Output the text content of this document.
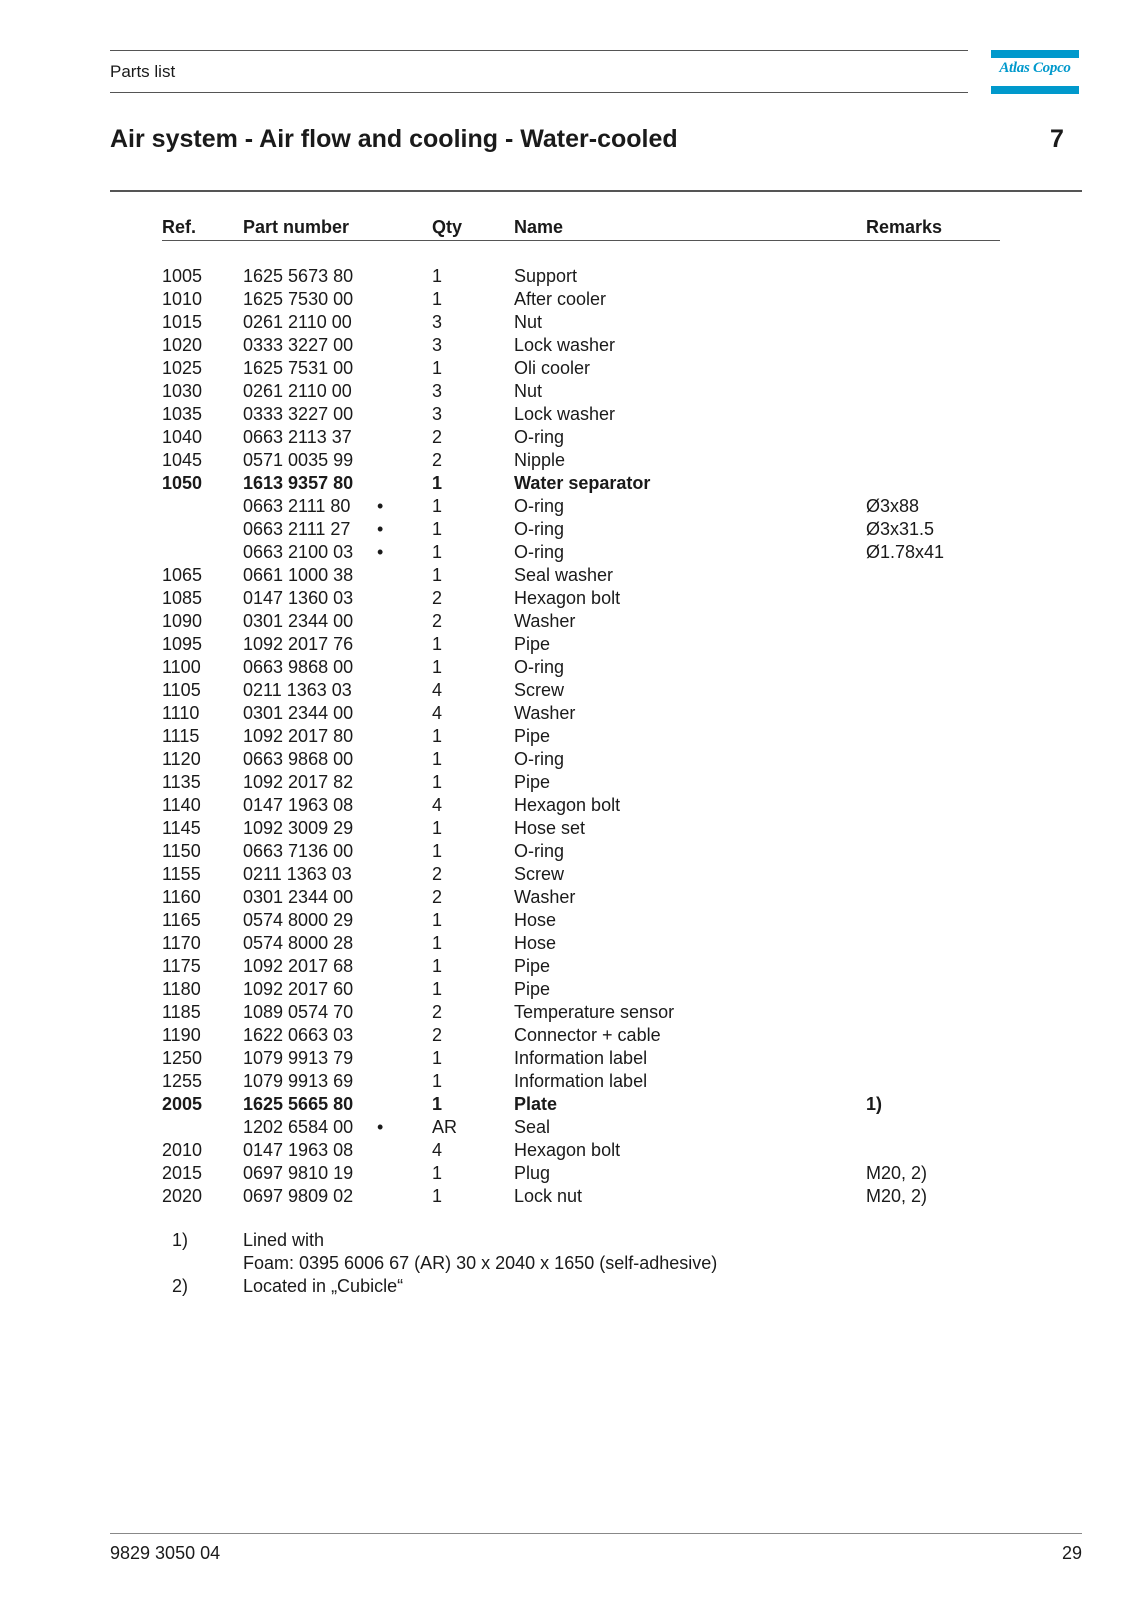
Parts list	Atlas Copco
Air system - Air flow and cooling - Water-cooled	7
Ref.	Part number	Qty	Name	Remarks
1005 1625 5673 80	1	Support
1010 1625 7530 00	1	After cooler
1015 0261 2110 00	3	Nut
1020 0333 3227 00	3	Lock washer
1025 1625 7531 00	1	Oli cooler
1030 0261 2110 00	3	Nut
1035 0333 3227 00	3	Lock washer
1040 0663 2113 37	2	O-ring
1045 0571 0035 99	2	Nipple
1050 1613 9357 80	1	Water separator
0663 2111 80 •	1	O-ring	Ø3x88
0663 2111 27 •	1	O-ring	Ø3x31.5
0663 2100 03 •	1	O-ring	Ø1.78x41
1065 0661 1000 38	1	Seal washer
1085 0147 1360 03	2	Hexagon bolt
1090 0301 2344 00	2	Washer
1095 1092 2017 76	1	Pipe
1100 0663 9868 00	1	O-ring
1105 0211 1363 03	4	Screw
1110 0301 2344 00	4	Washer
1115 1092 2017 80	1	Pipe
1120 0663 9868 00	1	O-ring
1135 1092 2017 82	1	Pipe
1140 0147 1963 08	4	Hexagon bolt
1145 1092 3009 29	1	Hose set
1150 0663 7136 00	1	O-ring
1155 0211 1363 03	2	Screw
1160 0301 2344 00	2	Washer
1165 0574 8000 29	1	Hose
1170 0574 8000 28	1	Hose
1175 1092 2017 68	1	Pipe
1180 1092 2017 60	1	Pipe
1185 1089 0574 70	2	Temperature sensor
1190 1622 0663 03	2	Connector + cable
1250 1079 9913 79	1	Information label
1255 1079 9913 69	1	Information label
2005 1625 5665 80	1	Plate	1)
1202 6584 00 •	AR	Seal
2010 0147 1963 08	4	Hexagon bolt
2015 0697 9810 19	1	Plug	M20, 2)
2020 0697 9809 02	1	Lock nut	M20, 2)
1)	Lined with
Foam: 0395 6006 67 (AR) 30 x 2040 x 1650 (self-adhesive)
2)	Located in „Cubicle“
9829 3050 04	29
